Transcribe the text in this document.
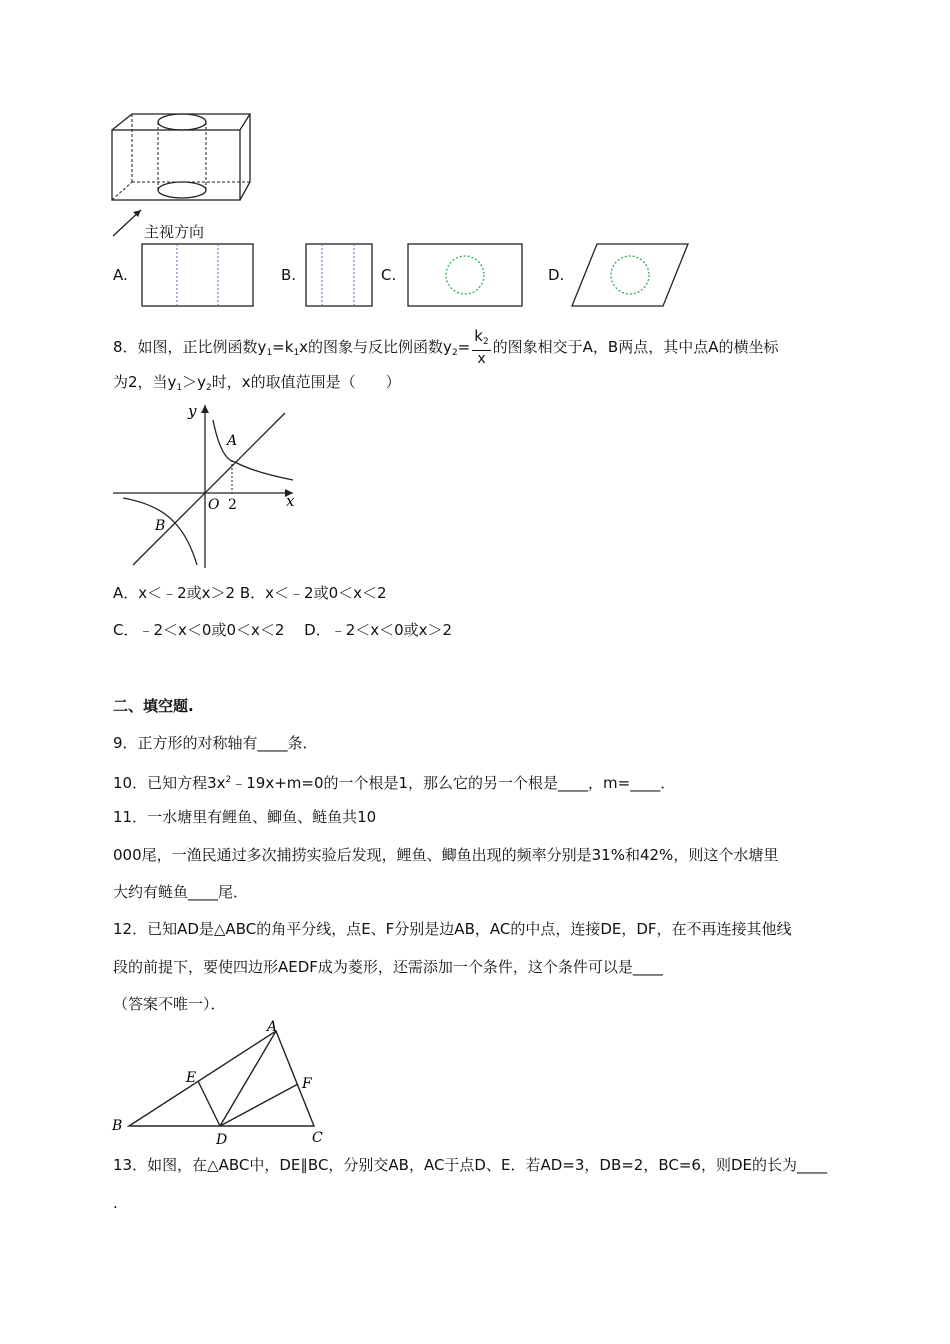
主视方向
A.	B.	C.	D.
8．如图，正比例函数$y_1=k_1x$的图象与反比例函数$y_2= \frac{k_2}{x}$ 的图象相交于A，B两点，其中点A的横坐标
为2，当$y_1>y_2$时，x的取值范围是（　　）
y
x
O 2
A
B
A．x＜﹣2或x＞2 B．x＜﹣2或0＜x＜2
C．﹣2＜x＜0或0＜x＜2　 D．﹣2＜x＜0或x＞2
二、填空题.
9．正方形的对称轴有____条．
10．已知方程$3x^2﹣19x+m=0$的一个根是1，那么它的另一个根是____，m=____．
11．一水塘里有鲤鱼、鲫鱼、鲢鱼共10
000尾，一渔民通过多次捕捞实验后发现，鲤鱼、鲫鱼出现的频率分别是31%和42%，则这个水塘里
大约有鲢鱼____尾．
12．已知AD是△ABC的角平分线，点E、F分别是边AB，AC的中点，连接DE，DF，在不再连接其他线
段的前提下，要使四边形AEDF成为菱形，还需添加一个条件，这个条件可以是____
（答案不唯一）．
A
B
C
D
E	F
13．如图，在△ABC中，DE∥BC，分别交AB，AC于点D、E．若AD=3，DB=2，BC=6，则DE的长为____
.
